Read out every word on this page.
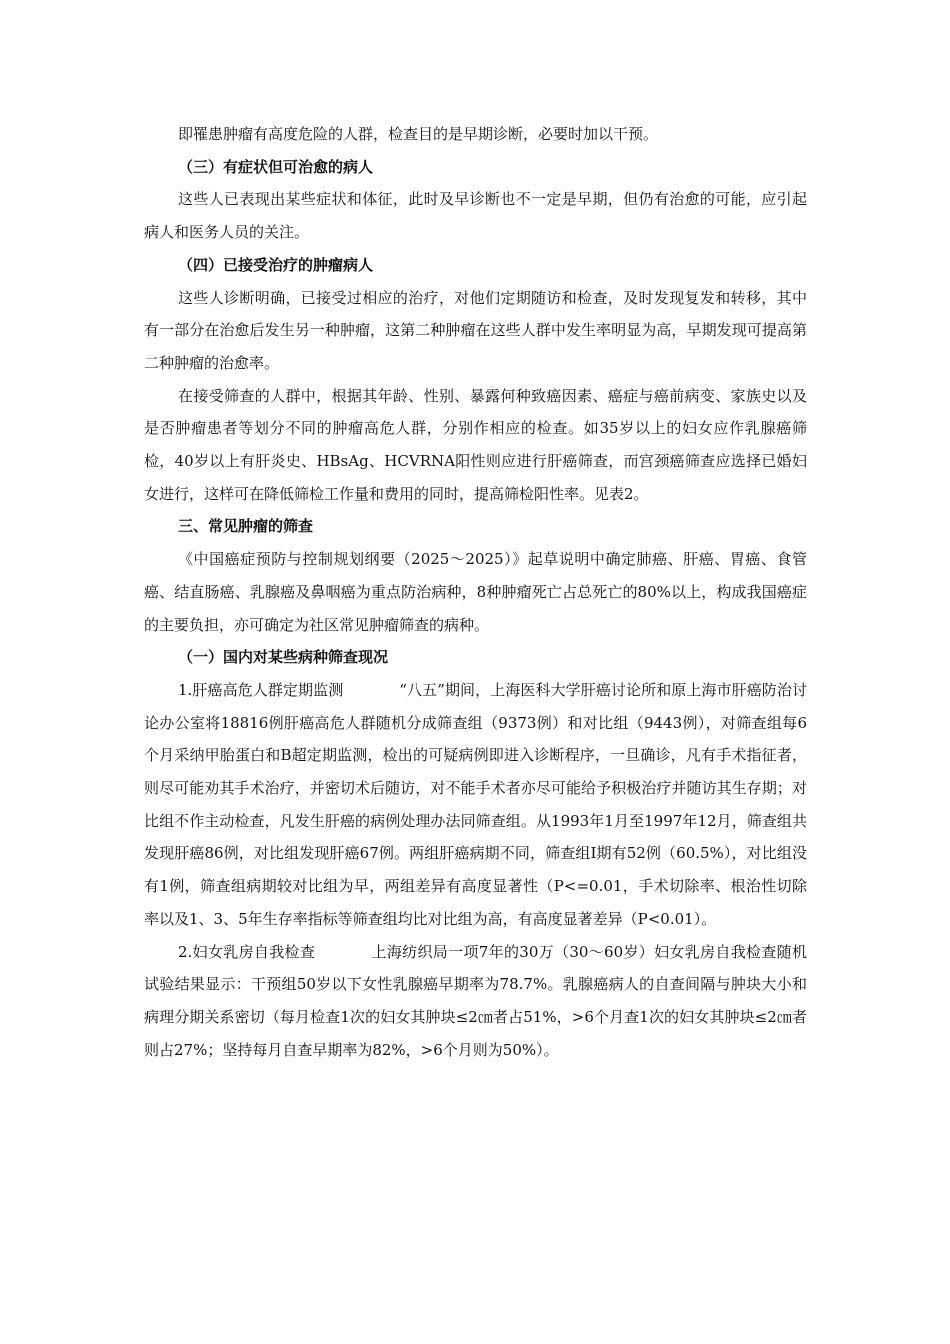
即罹患肿瘤有高度危险的人群，检查目的是早期诊断，必要时加以干预。

（三）有症状但可治愈的病人

这些人已表现出某些症状和体征，此时及早诊断也不一定是早期，但仍有治愈的可能，应引起病人和医务人员的关注。

（四）已接受治疗的肿瘤病人

这些人诊断明确，已接受过相应的治疗，对他们定期随访和检查，及时发现复发和转移，其中有一部分在治愈后发生另一种肿瘤，这第二种肿瘤在这些人群中发生率明显为高，早期发现可提高第二种肿瘤的治愈率。

在接受筛查的人群中，根据其年龄、性别、暴露何种致癌因素、癌症与癌前病变、家族史以及是否肿瘤患者等划分不同的肿瘤高危人群，分别作相应的检查。如35岁以上的妇女应作乳腺癌筛检，40岁以上有肝炎史、HBsAg、HCVRNA阳性则应进行肝癌筛查，而宫颈癌筛查应选择已婚妇女进行，这样可在降低筛检工作量和费用的同时，提高筛检阳性率。见表2。

三、常见肿瘤的筛查

《中国癌症预防与控制规划纲要（2025～2025）》起草说明中确定肺癌、肝癌、胃癌、食管癌、结直肠癌、乳腺癌及鼻咽癌为重点防治病种，8种肿瘤死亡占总死亡的80%以上，构成我国癌症的主要负担，亦可确定为社区常见肿瘤筛查的病种。

（一）国内对某些病种筛查现况

1.肝癌高危人群定期监测	“八五”期间，上海医科大学肝癌讨论所和原上海市肝癌防治讨论办公室将18816例肝癌高危人群随机分成筛查组（9373例）和对比组（9443例），对筛查组每6个月采纳甲胎蛋白和B超定期监测，检出的可疑病例即进入诊断程序，一旦确诊，凡有手术指征者，则尽可能劝其手术治疗，并密切术后随访，对不能手术者亦尽可能给予积极治疗并随访其生存期；对比组不作主动检查，凡发生肝癌的病例处理办法同筛查组。从1993年1月至1997年12月，筛查组共发现肝癌86例，对比组发现肝癌67例。两组肝癌病期不同，筛查组Ⅰ期有52例（60.5%），对比组没有1例，筛查组病期较对比组为早，两组差异有高度显著性（P<=0.01，手术切除率、根治性切除率以及1、3、5年生存率指标等筛查组均比对比组为高，有高度显著差异（P<0.01）。

2.妇女乳房自我检查	上海纺织局一项7年的30万（30～60岁）妇女乳房自我检查随机试验结果显示：干预组50岁以下女性乳腺癌早期率为78.7%。乳腺癌病人的自查间隔与肿块大小和病理分期关系密切（每月检查1次的妇女其肿块≤2㎝者占51%，>6个月查1次的妇女其肿块≤2㎝者则占27%；坚持每月自查早期率为82%，>6个月则为50%）。
